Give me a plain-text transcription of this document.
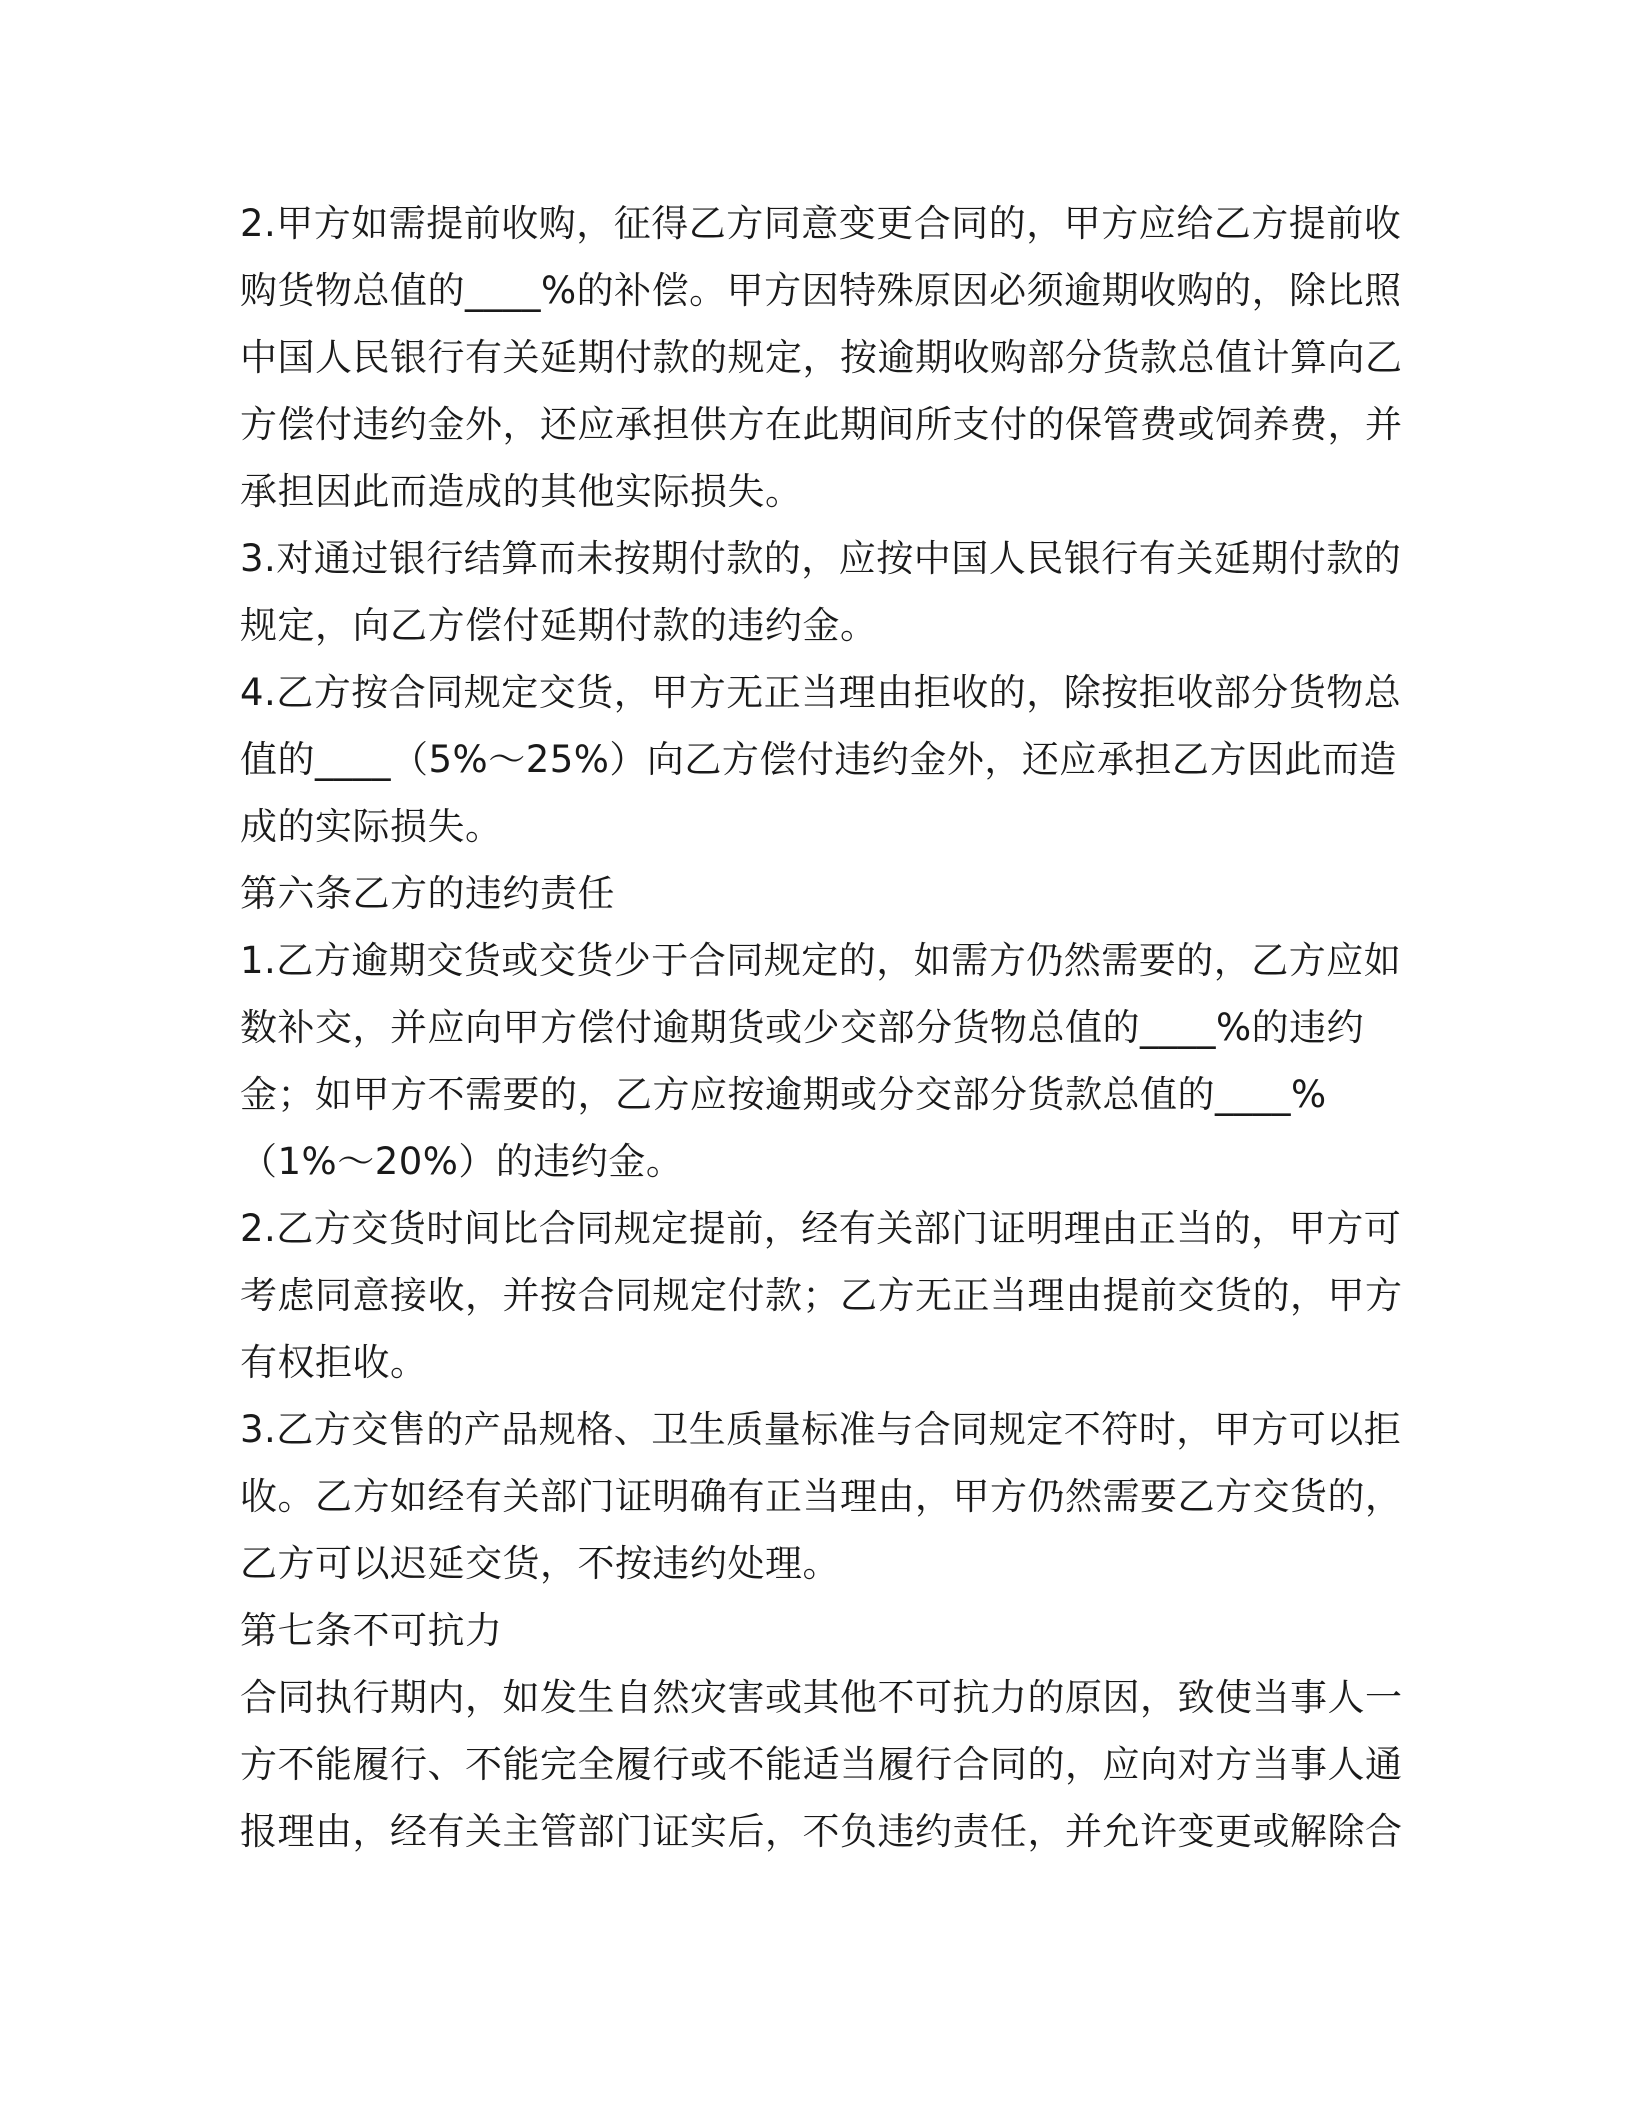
2.甲方如需提前收购，征得乙方同意变更合同的，甲方应给乙方提前收
购货物总值的____%的补偿。甲方因特殊原因必须逾期收购的，除比照
中国人民银行有关延期付款的规定，按逾期收购部分货款总值计算向乙
方偿付违约金外，还应承担供方在此期间所支付的保管费或饲养费，并
承担因此而造成的其他实际损失。
3.对通过银行结算而未按期付款的，应按中国人民银行有关延期付款的
规定，向乙方偿付延期付款的违约金。
4.乙方按合同规定交货，甲方无正当理由拒收的，除按拒收部分货物总
值的____（5%～25%）向乙方偿付违约金外，还应承担乙方因此而造
成的实际损失。
第六条乙方的违约责任
1.乙方逾期交货或交货少于合同规定的，如需方仍然需要的，乙方应如
数补交，并应向甲方偿付逾期货或少交部分货物总值的____%的违约
金；如甲方不需要的，乙方应按逾期或分交部分货款总值的____%
（1%～20%）的违约金。
2.乙方交货时间比合同规定提前，经有关部门证明理由正当的，甲方可
考虑同意接收，并按合同规定付款；乙方无正当理由提前交货的，甲方
有权拒收。
3.乙方交售的产品规格、卫生质量标准与合同规定不符时，甲方可以拒
收。乙方如经有关部门证明确有正当理由，甲方仍然需要乙方交货的，
乙方可以迟延交货，不按违约处理。
第七条不可抗力
合同执行期内，如发生自然灾害或其他不可抗力的原因，致使当事人一
方不能履行、不能完全履行或不能适当履行合同的，应向对方当事人通
报理由，经有关主管部门证实后，不负违约责任，并允许变更或解除合
